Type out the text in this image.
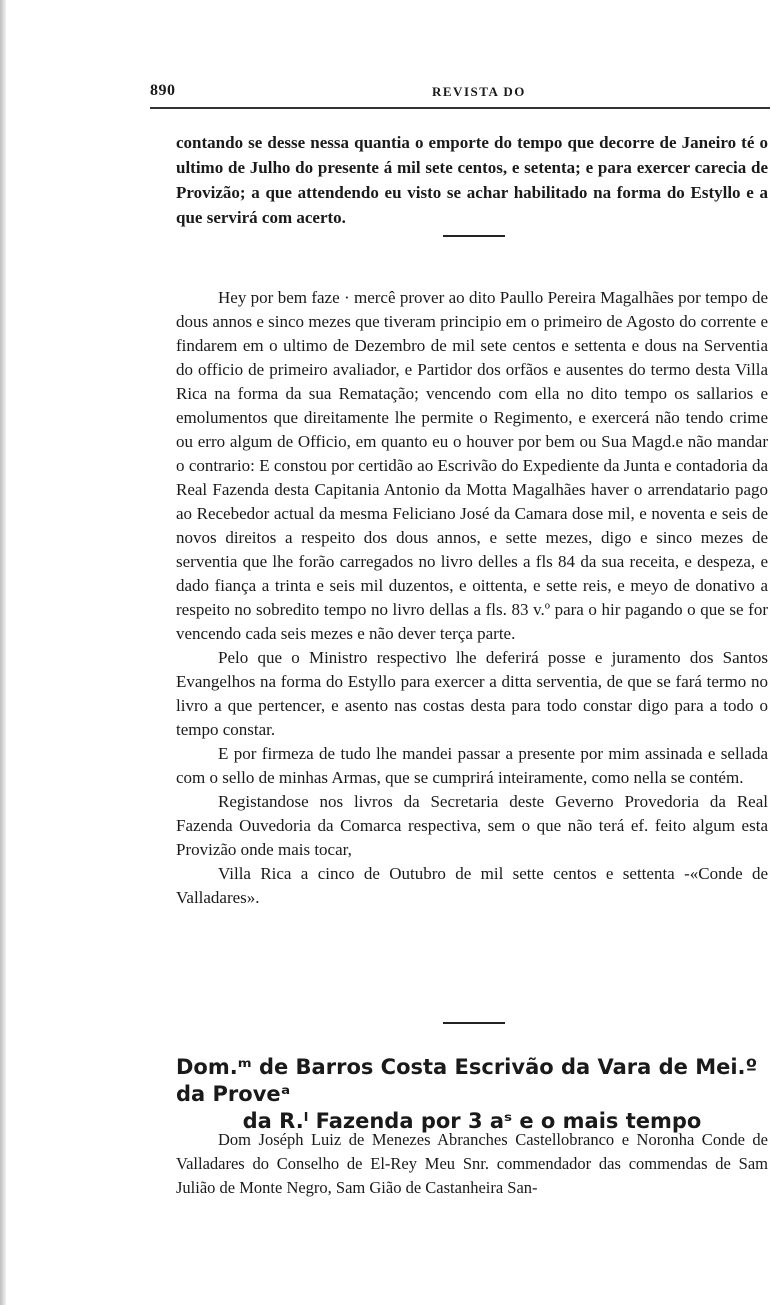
890	REVISTA DO

contando se desse nessa quantia o emporte do tempo que decorre de Janeiro té o ultimo de Julho do presente á mil sete centos, e setenta; e para exercer carecia de Provizão; a que attendendo eu visto se achar habilitado na forma do Estyllo e a que servirá com acerto.

Hey por bem faze · mercê prover ao dito Paullo Pereira Magalhães por tempo de dous annos e sinco mezes que tiveram principio em o primeiro de Agosto do corrente e findarem em o ultimo de Dezembro de mil sete centos e settenta e dous na Serventia do officio de primeiro avaliador, e Partidor dos orfãos e ausentes do termo desta Villa Rica na forma da sua Rematação; vencendo com ella no dito tempo os sallarios e emolumentos que direitamente lhe permite o Regimento, e exercerá não tendo crime ou erro algum de Officio, em quanto eu o houver por bem ou Sua Magd.e não mandar o contrario: E constou por certidão ao Escrivão do Expediente da Junta e contadoria da Real Fazenda desta Capitania Antonio da Motta Magalhães haver o arrendatario pago ao Recebedor actual da mesma Feliciano José da Camara dose mil, e noventa e seis de novos direitos a respeito dos dous annos, e sette mezes, digo e sinco mezes de serventia que lhe forão carregados no livro delles a fls 84 da sua receita, e despeza, e dado fiança a trinta e seis mil duzentos, e oittenta, e sette reis, e meyo de donativo a respeito no sobredito tempo no livro dellas a fls. 83 v.º para o hir pagando o que se for vencendo cada seis mezes e não dever terça parte.

Pelo que o Ministro respectivo lhe deferirá posse e juramento dos Santos Evangelhos na forma do Estyllo para exercer a ditta serventia, de que se fará termo no livro a que pertencer, e asento nas costas desta para todo constar digo para a todo o tempo constar.

E por firmeza de tudo lhe mandei passar a presente por mim assinada e sellada com o sello de minhas Armas, que se cumprirá inteiramente, como nella se contém.

Registandose nos livros da Secretaria deste Geverno Provedoria da Real Fazenda Ouvedoria da Comarca respectiva, sem o que não terá ef. feito algum esta Provizão onde mais tocar,

Villa Rica a cinco de Outubro de mil sette centos e settenta -«Conde de Valladares».

Dom.ᵐ de Barros Costa Escrivão da Vara de Mei.º da Proveᵃ
da R.ˡ Fazenda por 3 aˢ e o mais tempo

Dom Joséph Luiz de Menezes Abranches Castellobranco e Noronha Conde de Valladares do Conselho de El-Rey Meu Snr. commendador das commendas de Sam Julião de Monte Negro, Sam Gião de Castanheira San-
